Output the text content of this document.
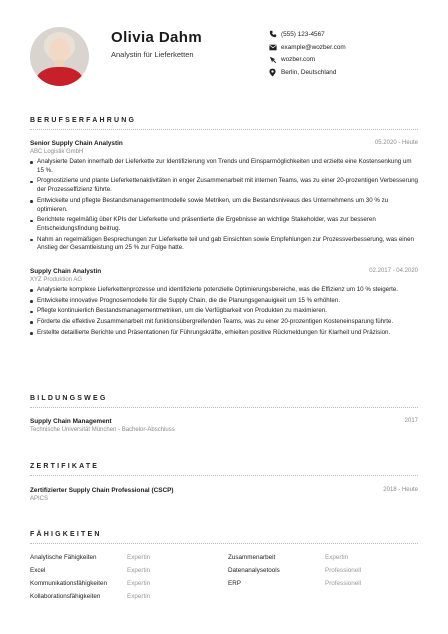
Olivia Dahm
Analystin für Lieferketten
(555) 123-4567
example@wozber.com
wozber.com
Berlin, Deutschland
BERUFSERFAHRUNG
Senior Supply Chain Analystin	05.2020 - Heute
ABC Logistik GmbH
Analysierte Daten innerhalb der Lieferkette zur Identifizierung von Trends und Einsparmöglichkeiten und erzielte eine Kostensenkung um 15 %.
Prognostizierte und plante Lieferkettenaktivitäten in enger Zusammenarbeit mit internen Teams, was zu einer 20-prozentigen Verbesserung der Prozesseffizienz führte.
Entwickelte und pflegte Bestandsmanagementmodelle sowie Metriken, um die Bestandsniveaus des Unternehmens um 30 % zu optimieren.
Berichtete regelmäßig über KPIs der Lieferkette und präsentierte die Ergebnisse an wichtige Stakeholder, was zur besseren Entscheidungsfindung beitrug.
Nahm an regelmäßigen Besprechungen zur Lieferkette teil und gab Einsichten sowie Empfehlungen zur Prozessverbesserung, was einen Anstieg der Gesamtleistung um 25 % zur Folge hatte.
Supply Chain Analystin	02.2017 - 04.2020
XYZ Produktion AG
Analysierte komplexe Lieferkettenprozesse und identifizierte potenzielle Optimierungsbereiche, was die Effizienz um 10 % steigerte.
Entwickelte innovative Prognosemodelle für die Supply Chain, die die Planungsgenauigkeit um 15 % erhöhten.
Pflegte kontinuierlich Bestandsmanagementmetriken, um die Verfügbarkeit von Produkten zu maximieren.
Förderte die effektive Zusammenarbeit mit funktionsübergreifenden Teams, was zu einer 20-prozentigen Kosteneinsparung führte.
Erstellte detaillierte Berichte und Präsentationen für Führungskräfte, erhielten positive Rückmeldungen für Klarheit und Präzision.
BILDUNGSWEG
Supply Chain Management	2017
Technische Universität München - Bachelor-Abschluss
ZERTIFIKATE
Zertifizierter Supply Chain Professional (CSCP)	2018 - Heute
APICS
FÄHIGKEITEN
Analytische Fähigkeiten	Expertin	Zusammenarbeit	Expertin
Excel	Expertin	Datenanalysetools	Professionell
Kommunikationsfähigkeiten	Expertin	ERP	Professionell
Kollaborationsfähigkeiten	Expertin
